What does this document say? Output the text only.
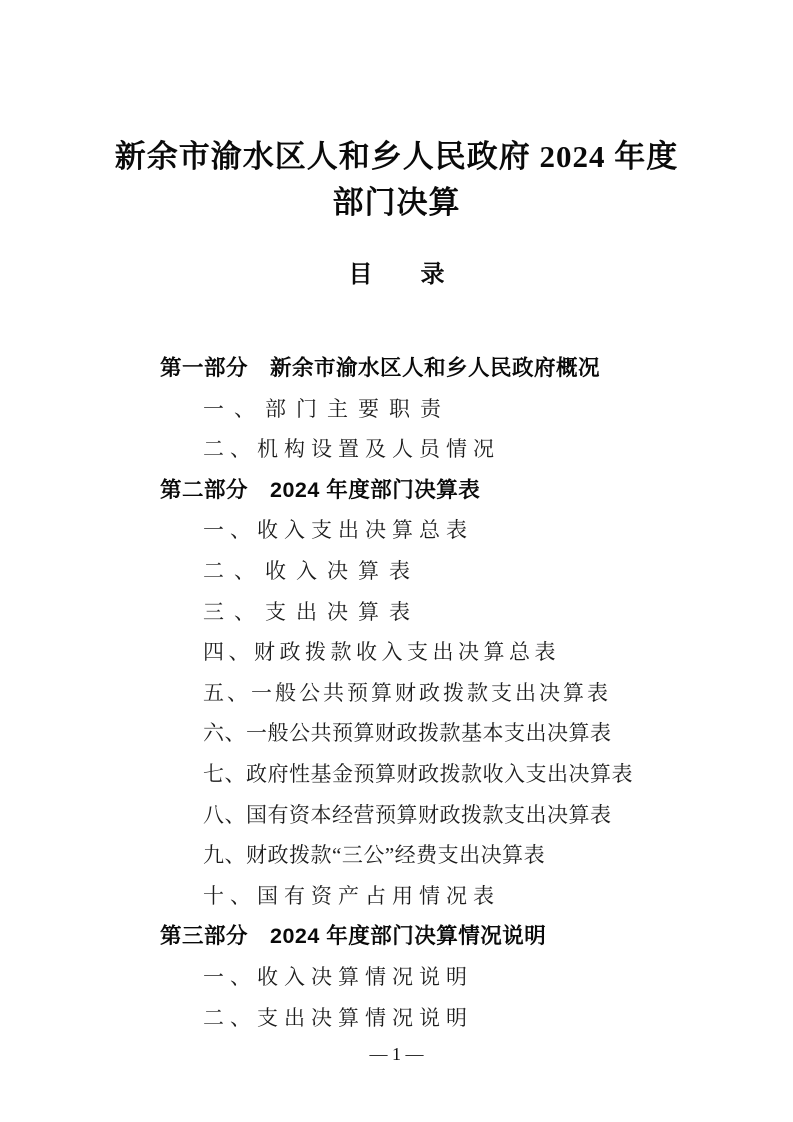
新余市渝水区人和乡人民政府 2024 年度
部门决算
目　　录
第一部分　新余市渝水区人和乡人民政府概况
一、部门主要职责
二、机构设置及人员情况
第二部分　2024 年度部门决算表
一、收入支出决算总表
二、收入决算表
三、支出决算表
四、财政拨款收入支出决算总表
五、一般公共预算财政拨款支出决算表
六、一般公共预算财政拨款基本支出决算表
七、政府性基金预算财政拨款收入支出决算表
八、国有资本经营预算财政拨款支出决算表
九、财政拨款“三公”经费支出决算表
十、国有资产占用情况表
第三部分　2024 年度部门决算情况说明
一、收入决算情况说明
二、支出决算情况说明
— 1 —
